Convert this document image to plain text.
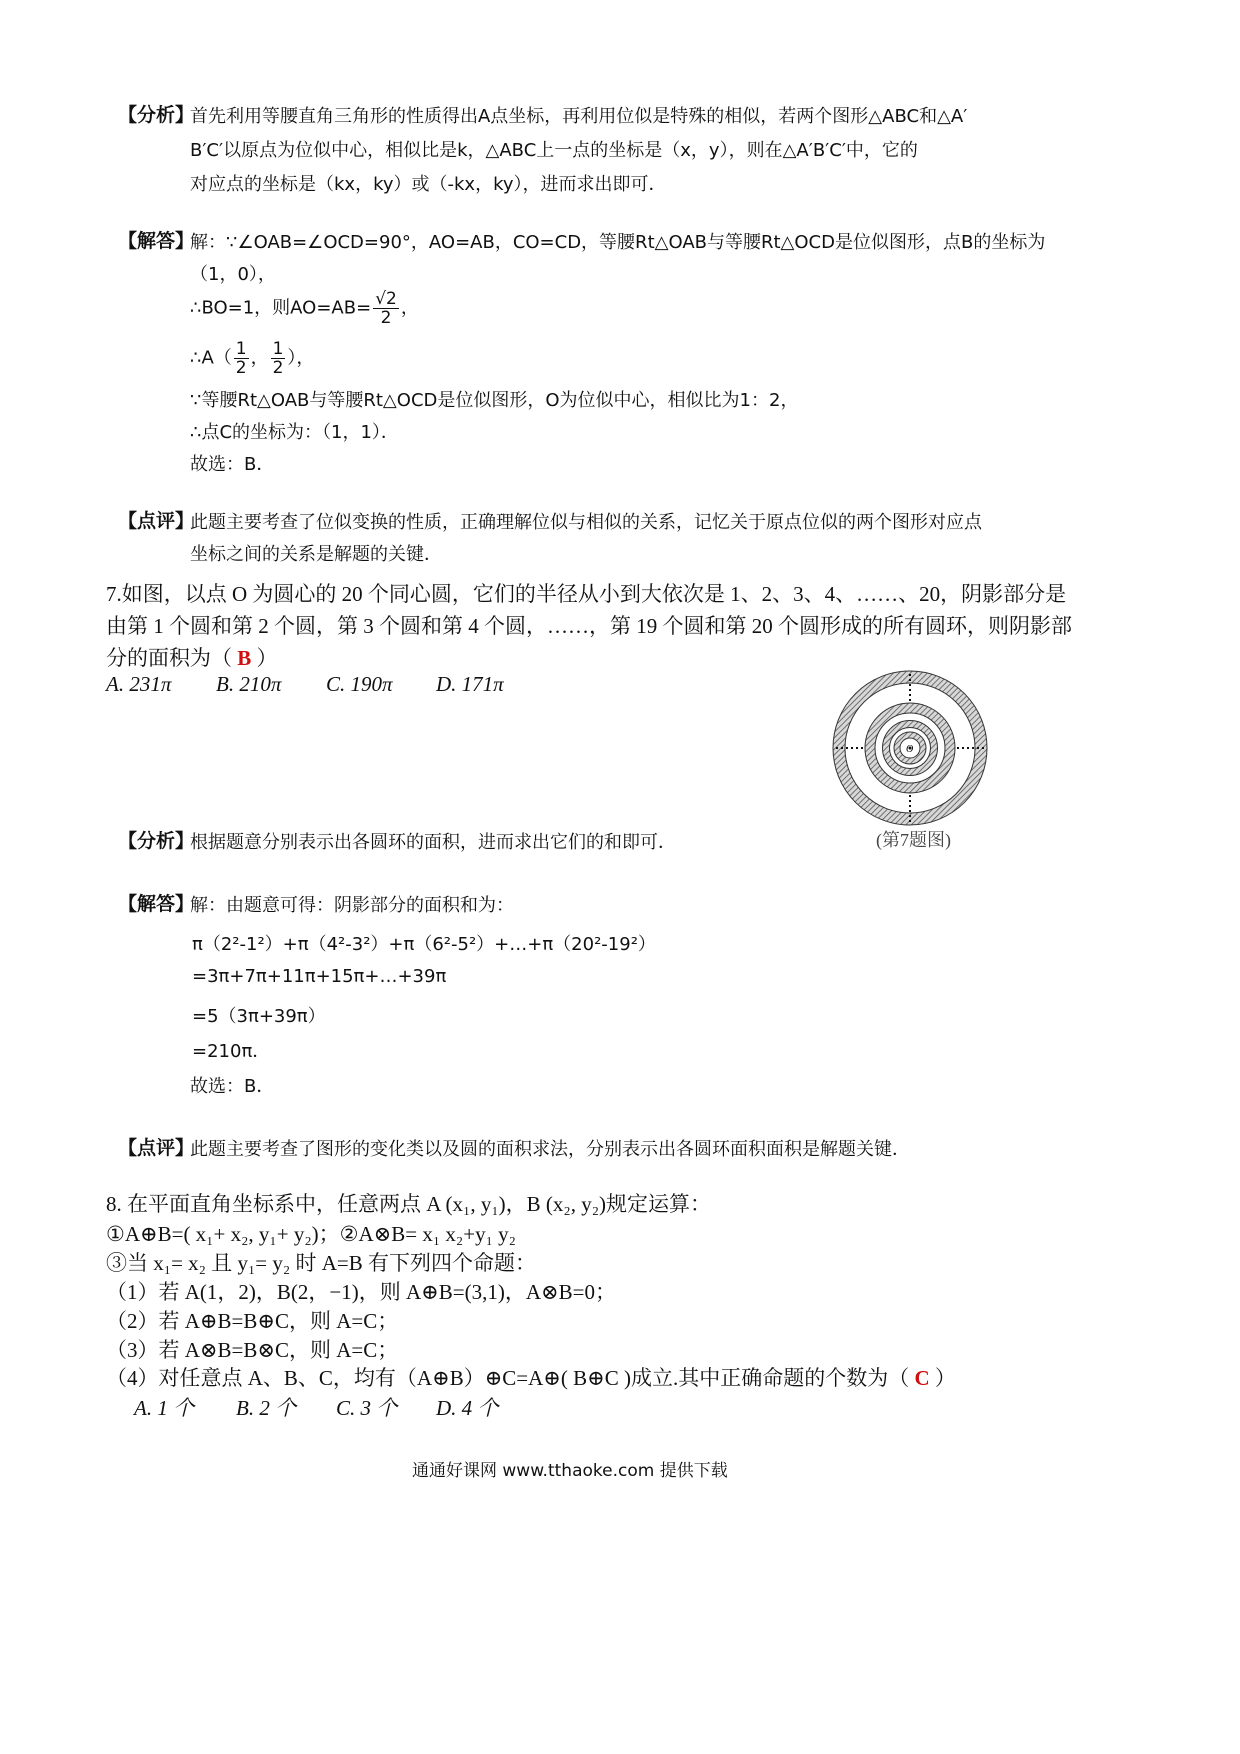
【分析】
首先利用等腰直角三角形的性质得出A点坐标，再利用位似是特殊的相似，若两个图形△ABC和△A′
B′C′以原点为位似中心，相似比是k，△ABC上一点的坐标是（x，y），则在△A′B′C′中，它的
对应点的坐标是（kx，ky）或（-kx，ky），进而求出即可．
【解答】
解：∵∠OAB=∠OCD=90°，AO=AB，CO=CD，等腰Rt△OAB与等腰Rt△OCD是位似图形，点B的坐标为
（1，0），
∴BO=1，则$AO=AB= \frac{√2}{2}$ ，
∴A（ $\frac{1}{2}$ ， $\frac{1}{2}$ ），
∵等腰Rt△OAB与等腰Rt△OCD是位似图形，O为位似中心，相似比为1：2，
∴点C的坐标为：（1，1）．
故选：B．
【点评】
此题主要考查了位似变换的性质，正确理解位似与相似的关系，记忆关于原点位似的两个图形对应点
坐标之间的关系是解题的关键．
7.如图，以点 O 为圆心的 20 个同心圆，它们的半径从小到大依次是 1、2、3、4、……、20，阴影部分是
由第 1 个圆和第 2 个圆，第 3 个圆和第 4 个圆，……，第 19 个圆和第 20 个圆形成的所有圆环，则阴影部
分的面积为（ B ）
A. 231π B. 210π C. 190π D. 171π
O
(第7题图)
【分析】
根据题意分别表示出各圆环的面积，进而求出它们的和即可．
【解答】
解：由题意可得：阴影部分的面积和为：
π（2²-1²）+π（4²-3²）+π（6²-5²）+…+π（20²-19²）
=3π+7π+11π+15π+…+39π
=5（3π+39π）
=210π．
故选：B．
【点评】
此题主要考查了图形的变化类以及圆的面积求法，分别表示出各圆环面积面积是解题关键．
8. 在平面直角坐标系中，任意两点 A (x₁, y₁)，B (x₂, y₂)规定运算：
①A⊕B=( x₁+ x₂, y₁+ y₂)；②A⊗B= x₁ x₂+y₁ y₂
③当 x₁= x₂ 且 y₁= y₂ 时 A=B 有下列四个命题：
（1）若 A(1，2)，B(2，−1)，则 A⊕B=(3,1)，A⊗B=0；
（2）若 A⊕B=B⊕C，则 A=C；
（3）若 A⊗B=B⊗C，则 A=C；
（4）对任意点 A、B、C，均有（A⊕B）⊕C=A⊕( B⊕C )成立.其中正确命题的个数为（ C ）
A. 1 个 B. 2 个 C. 3 个 D. 4 个
通通好课网 www.tthaoke.com 提供下载
